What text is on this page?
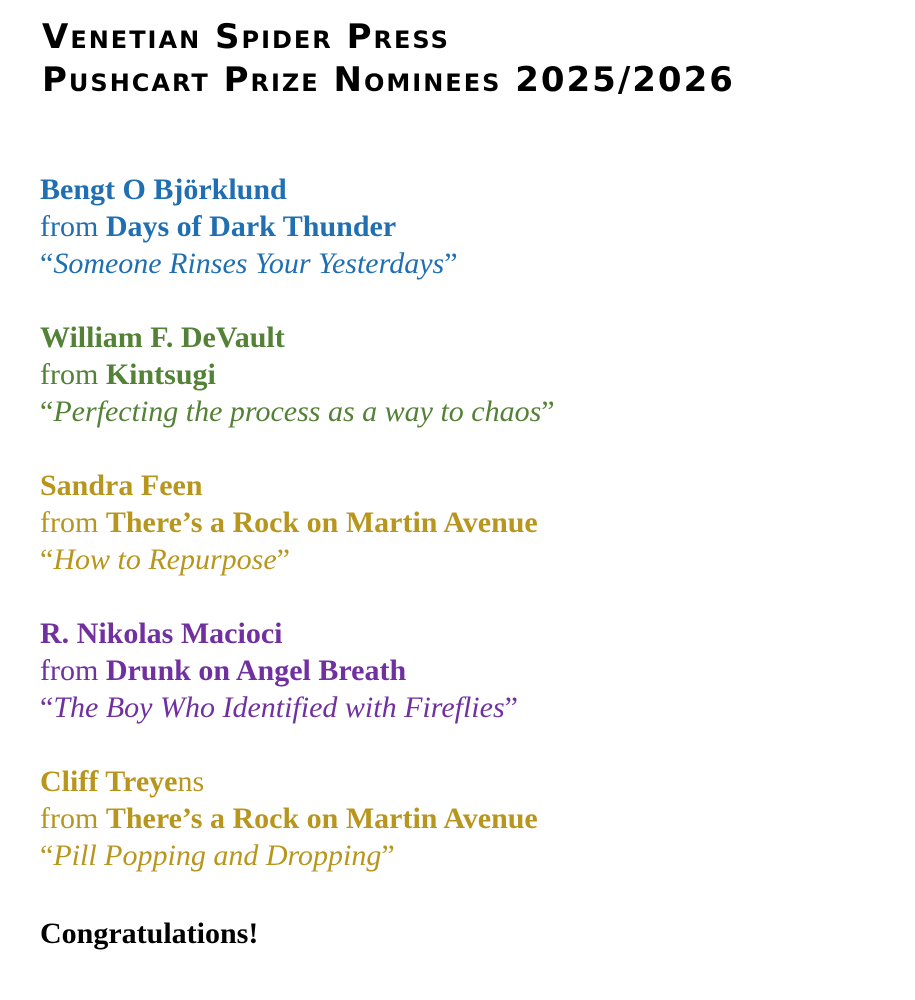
Venetian Spider Press
Pushcart Prize Nominees 2025/2026
Bengt O Björklund
from Days of Dark Thunder
“Someone Rinses Your Yesterdays”
William F. DeVault
from Kintsugi
“Perfecting the process as a way to chaos”
Sandra Feen
from There’s a Rock on Martin Avenue
“How to Repurpose”
R. Nikolas Macioci
from Drunk on Angel Breath
“The Boy Who Identified with Fireflies”
Cliff Treyens
from There’s a Rock on Martin Avenue
“Pill Popping and Dropping”
Congratulations!
